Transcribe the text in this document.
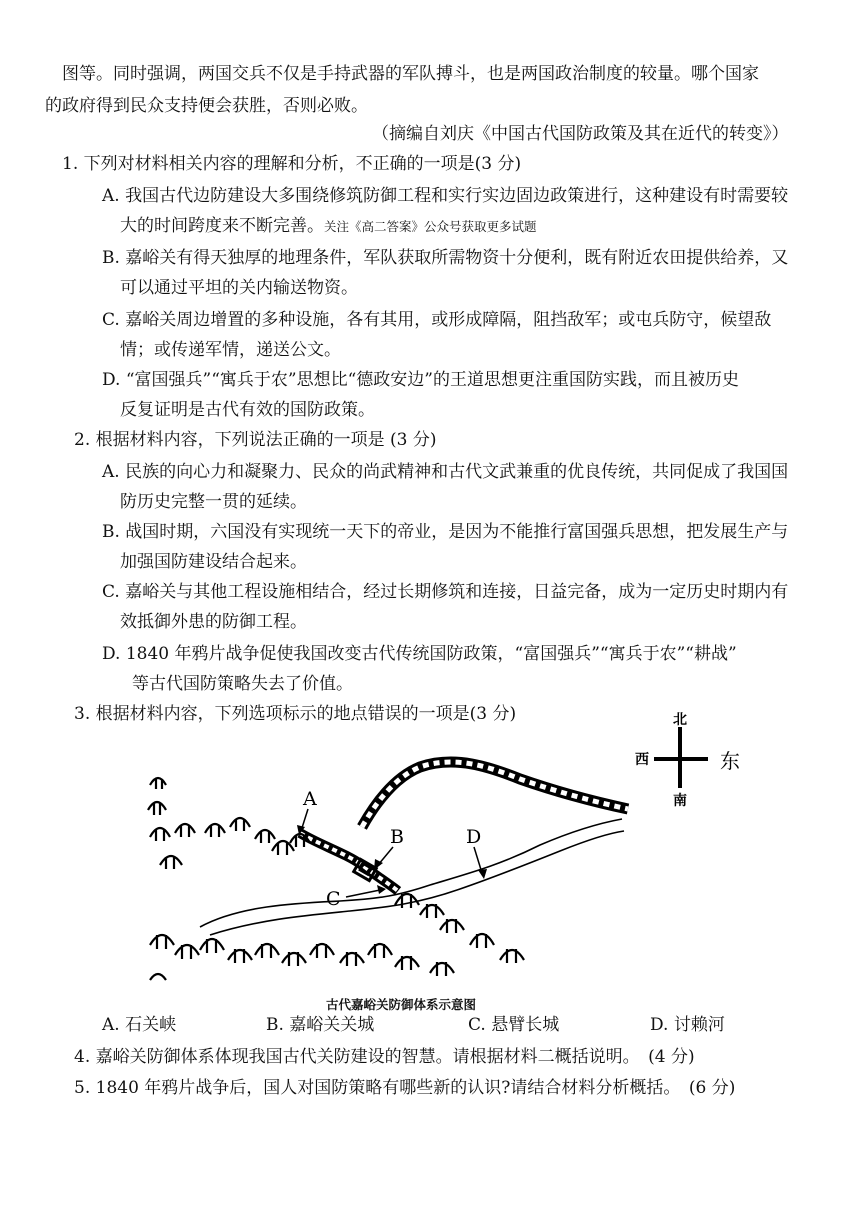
图等。同时强调，两国交兵不仅是手持武器的军队搏斗，也是两国政治制度的较量。哪个国家
的政府得到民众支持便会获胜，否则必败。
（摘编自刘庆《中国古代国防政策及其在近代的转变》）
1. 下列对材料相关内容的理解和分析，不正确的一项是(3 分)
A. 我国古代边防建设大多围绕修筑防御工程和实行实边固边政策进行，这种建设有时需要较
大的时间跨度来不断完善。关注《高二答案》公众号获取更多试题
B. 嘉峪关有得天独厚的地理条件，军队获取所需物资十分便利，既有附近农田提供给养，又
可以通过平坦的关内输送物资。
C. 嘉峪关周边增置的多种设施，各有其用，或形成障隔，阻挡敌军；或屯兵防守，候望敌
情；或传递军情，递送公文。
D. “富国强兵”“寓兵于农”思想比“德政安边”的王道思想更注重国防实践，而且被历史
反复证明是古代有效的国防政策。
2. 根据材料内容，下列说法正确的一项是 (3 分)
A. 民族的向心力和凝聚力、民众的尚武精神和古代文武兼重的优良传统，共同促成了我国国
防历史完整一贯的延续。
B. 战国时期，六国没有实现统一天下的帝业，是因为不能推行富国强兵思想，把发展生产与
加强国防建设结合起来。
C. 嘉峪关与其他工程设施相结合，经过长期修筑和连接，日益完备，成为一定历史时期内有
效抵御外患的防御工程。
D. 1840 年鸦片战争促使我国改变古代传统国防政策，“富国强兵”“寓兵于农”“耕战”
等古代国防策略失去了价值。
3. 根据材料内容，下列选项标示的地点错误的一项是(3 分)	北
南
西	东
A
B
C
D
古代嘉峪关防御体系示意图
A. 石关峡	B. 嘉峪关关城	C. 悬臂长城	D. 讨赖河
4. 嘉峪关防御体系体现我国古代关防建设的智慧。请根据材料二概括说明。　(4 分)
5. 1840 年鸦片战争后，国人对国防策略有哪些新的认识?请结合材料分析概括。　(6 分)
